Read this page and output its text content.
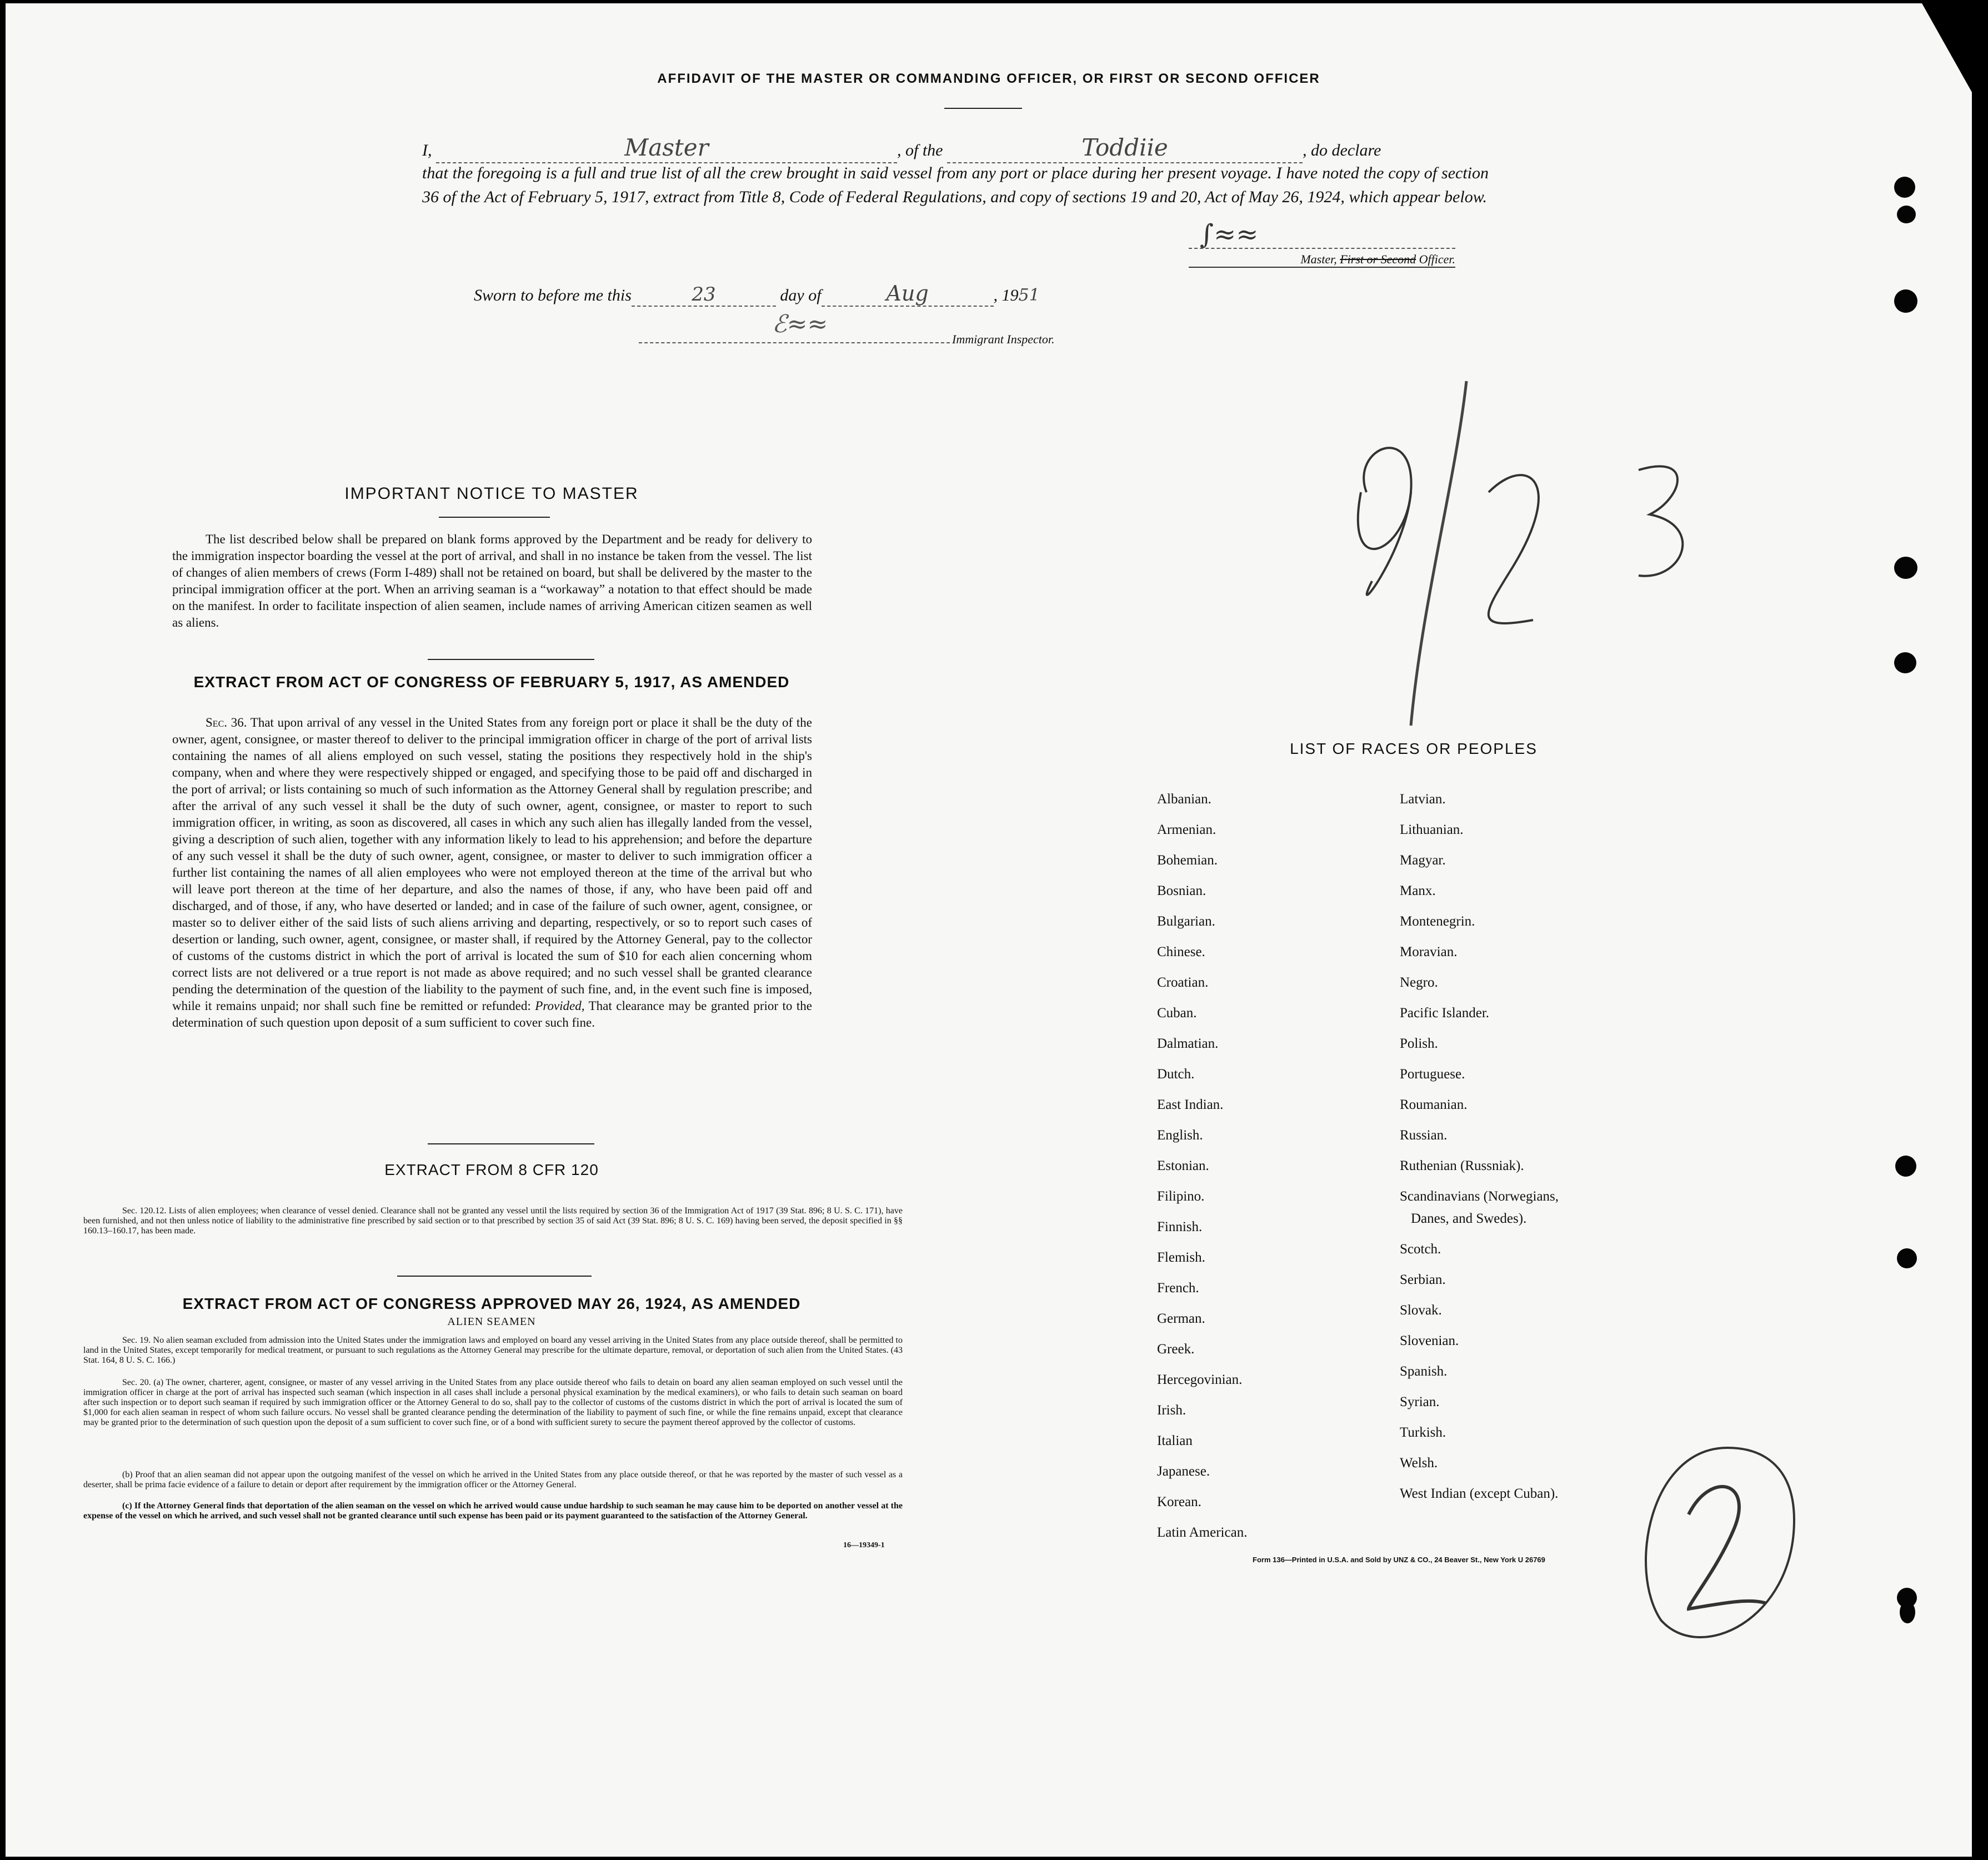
AFFIDAVIT OF THE MASTER OR COMMANDING OFFICER, OR FIRST OR SECOND OFFICER
I,	Master	, of the	Toddiie	, do declare
that the foregoing is a full and true list of all the crew brought in said vessel from any port or place during her present voyage. I have noted the copy of section 36 of the Act of February 5, 1917, extract from Title 8, Code of Federal Regulations, and copy of sections 19 and 20, Act of May 26, 1924, which appear below.
∫≈≈
Master, First or Second Officer.
Sworn to before me this	23	day of	Aug	, 1951
ℰ≈≈
Immigrant Inspector.
IMPORTANT NOTICE TO MASTER
The list described below shall be prepared on blank forms approved by the Department and be ready for delivery to the immigration inspector boarding the vessel at the port of arrival, and shall in no instance be taken from the vessel. The list of changes of alien members of crews (Form I-489) shall not be retained on board, but shall be delivered by the master to the principal immigration officer at the port. When an arriving seaman is a “workaway” a notation to that effect should be made on the manifest. In order to facilitate inspection of alien seamen, include names of arriving American citizen seamen as well as aliens.
EXTRACT FROM ACT OF CONGRESS OF FEBRUARY 5, 1917, AS AMENDED
Sec. 36. That upon arrival of any vessel in the United States from any foreign port or place it shall be the duty of the owner, agent, consignee, or master thereof to deliver to the principal immigration officer in charge of the port of arrival lists containing the names of all aliens employed on such vessel, stating the positions they respectively hold in the ship's company, when and where they were respectively shipped or engaged, and specifying those to be paid off and discharged in the port of arrival; or lists containing so much of such information as the Attorney General shall by regulation prescribe; and after the arrival of any such vessel it shall be the duty of such owner, agent, consignee, or master to report to such immigration officer, in writing, as soon as discovered, all cases in which any such alien has illegally landed from the vessel, giving a description of such alien, together with any information likely to lead to his apprehension; and before the departure of any such vessel it shall be the duty of such owner, agent, consignee, or master to deliver to such immigration officer a further list containing the names of all alien employees who were not employed thereon at the time of the arrival but who will leave port thereon at the time of her departure, and also the names of those, if any, who have been paid off and discharged, and of those, if any, who have deserted or landed; and in case of the failure of such owner, agent, consignee, or master so to deliver either of the said lists of such aliens arriving and departing, respectively, or so to report such cases of desertion or landing, such owner, agent, consignee, or master shall, if required by the Attorney General, pay to the collector of customs of the customs district in which the port of arrival is located the sum of $10 for each alien concerning whom correct lists are not delivered or a true report is not made as above required; and no such vessel shall be granted clearance pending the determination of the question of the liability to the payment of such fine, and, in the event such fine is imposed, while it remains unpaid; nor shall such fine be remitted or refunded: Provided, That clearance may be granted prior to the determination of such question upon deposit of a sum sufficient to cover such fine.
EXTRACT FROM 8 CFR 120
Sec. 120.12. Lists of alien employees; when clearance of vessel denied. Clearance shall not be granted any vessel until the lists required by section 36 of the Immigration Act of 1917 (39 Stat. 896; 8 U. S. C. 171), have been furnished, and not then unless notice of liability to the administrative fine prescribed by said section or to that prescribed by section 35 of said Act (39 Stat. 896; 8 U. S. C. 169) having been served, the deposit specified in §§ 160.13–160.17, has been made.
EXTRACT FROM ACT OF CONGRESS APPROVED MAY 26, 1924, AS AMENDED
ALIEN SEAMEN
Sec. 19. No alien seaman excluded from admission into the United States under the immigration laws and employed on board any vessel arriving in the United States from any place outside thereof, shall be permitted to land in the United States, except temporarily for medical treatment, or pursuant to such regulations as the Attorney General may prescribe for the ultimate departure, removal, or deportation of such alien from the United States. (43 Stat. 164, 8 U. S. C. 166.)
Sec. 20. (a) The owner, charterer, agent, consignee, or master of any vessel arriving in the United States from any place outside thereof who fails to detain on board any alien seaman employed on such vessel until the immigration officer in charge at the port of arrival has inspected such seaman (which inspection in all cases shall include a personal physical examination by the medical examiners), or who fails to detain such seaman on board after such inspection or to deport such seaman if required by such immigration officer or the Attorney General to do so, shall pay to the collector of customs of the customs district in which the port of arrival is located the sum of $1,000 for each alien seaman in respect of whom such failure occurs. No vessel shall be granted clearance pending the determination of the liability to payment of such fine, or while the fine remains unpaid, except that clearance may be granted prior to the determination of such question upon the deposit of a sum sufficient to cover such fine, or of a bond with sufficient surety to secure the payment thereof approved by the collector of customs.
(b) Proof that an alien seaman did not appear upon the outgoing manifest of the vessel on which he arrived in the United States from any place outside thereof, or that he was reported by the master of such vessel as a deserter, shall be prima facie evidence of a failure to detain or deport after requirement by the immigration officer or the Attorney General.
(c) If the Attorney General finds that deportation of the alien seaman on the vessel on which he arrived would cause undue hardship to such seaman he may cause him to be deported on another vessel at the expense of the vessel on which he arrived, and such vessel shall not be granted clearance until such expense has been paid or its payment guaranteed to the satisfaction of the Attorney General.
16—19349-1
LIST OF RACES OR PEOPLES
Albanian.
Armenian.
Bohemian.
Bosnian.
Bulgarian.
Chinese.
Croatian.
Cuban.
Dalmatian.
Dutch.
East Indian.
English.
Estonian.
Filipino.
Finnish.
Flemish.
French.
German.
Greek.
Hercegovinian.
Irish.
Italian
Japanese.
Korean.
Latin American.
Latvian.
Lithuanian.
Magyar.
Manx.
Montenegrin.
Moravian.
Negro.
Pacific Islander.
Polish.
Portuguese.
Roumanian.
Russian.
Ruthenian (Russniak).
Scandinavians (Norwegians,
Scotch.
Serbian.
Slovak.
Slovenian.
Spanish.
Syrian.
Turkish.
Welsh.
West Indian (except Cuban).
Danes, and Swedes).
Form 136—Printed in U.S.A. and Sold by UNZ & CO., 24 Beaver St., New York U 26769
8/23
2
